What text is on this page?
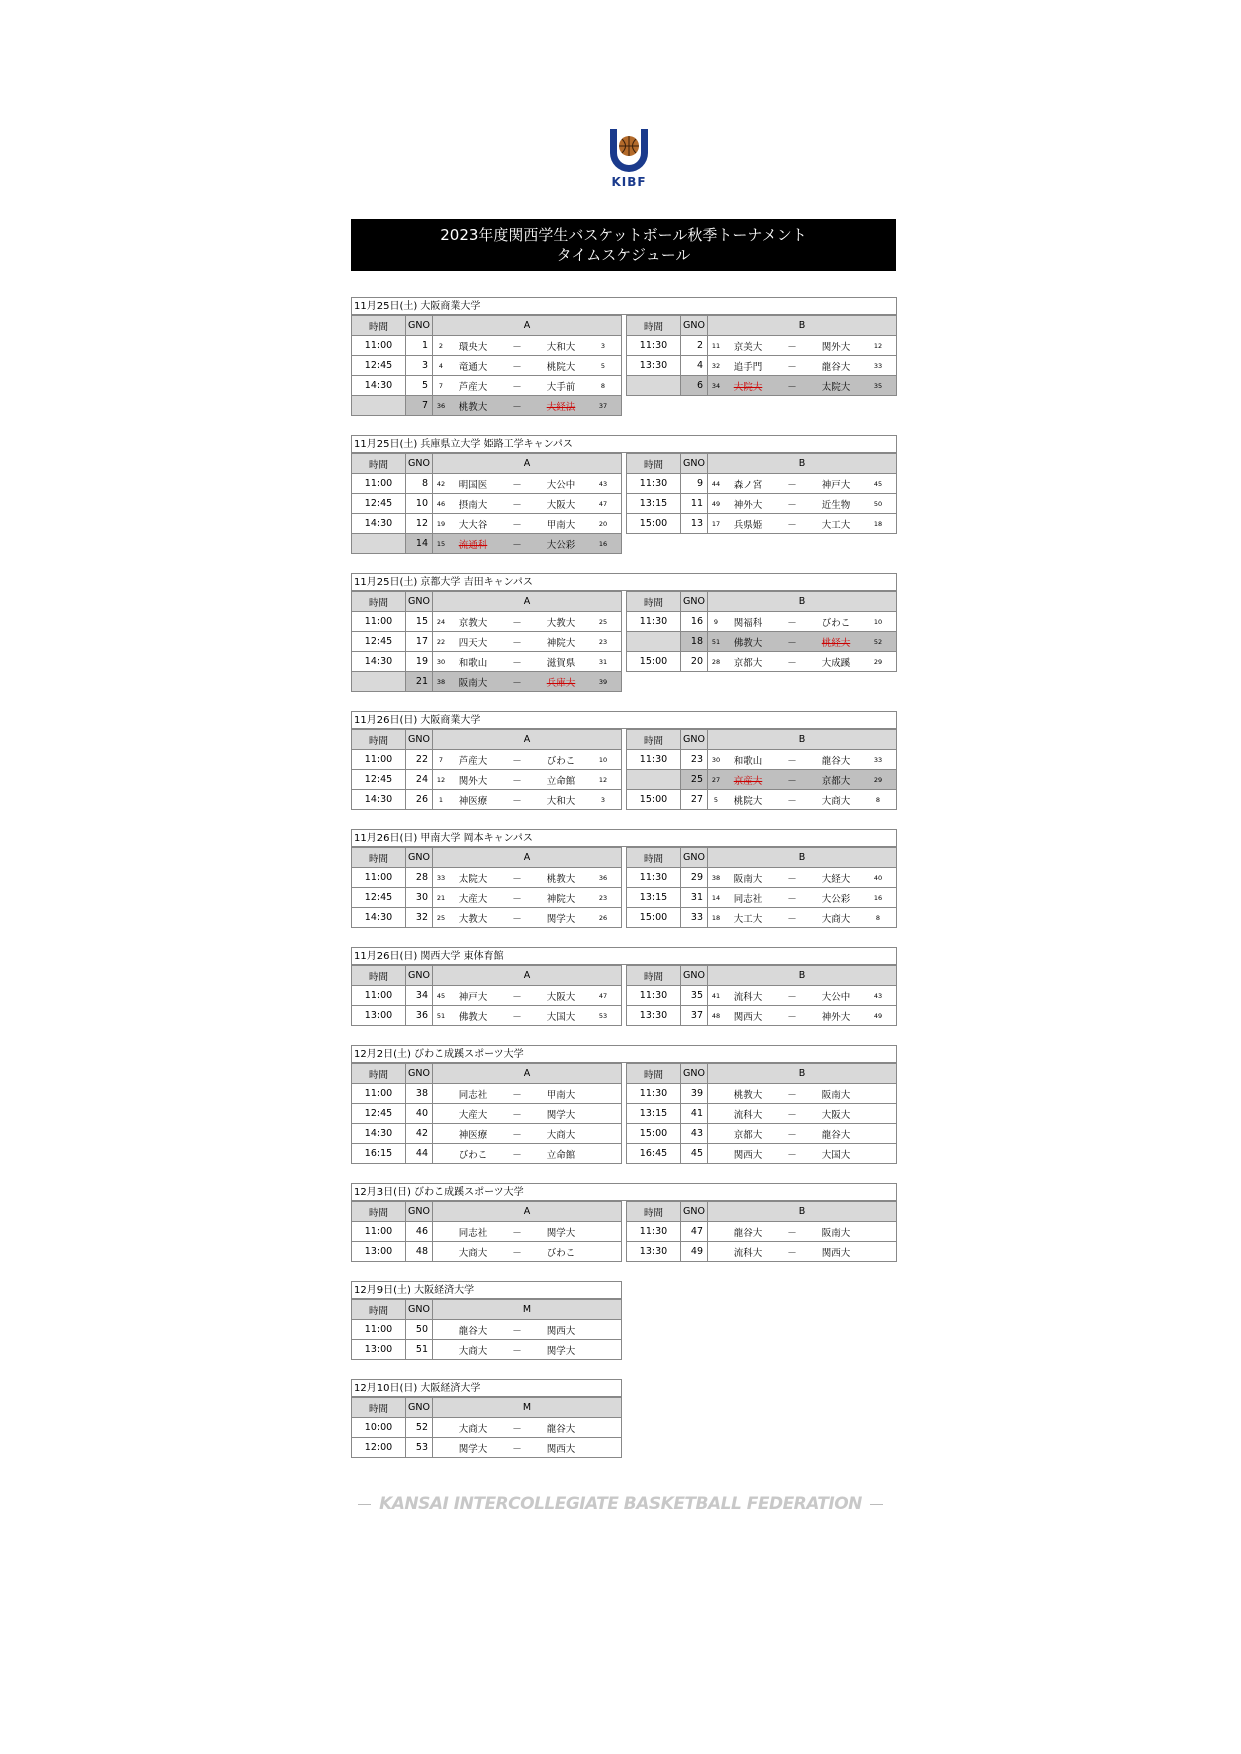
KIBF
2023年度関西学生バスケットボール秋季トーナメント
タイムスケジュール
11月25日(土) 大阪商業大学
時間	GNO	A
11:00	1	2 環央大 － 大和大 3

12:45	3	4 竜通大 － 桃院大 5

14:30	5	7 芦産大 － 大手前 8

	7	36 桃教大 － 大経法 37
時間	GNO	B
11:30	2	11 京美大 － 関外大 12

13:30	4	32 追手門 － 龍谷大 33

	6	34 大院大 － 太院大 35
11月25日(土) 兵庫県立大学 姫路工学キャンパス
時間	GNO	A
11:00	8	42 明国医 － 大公中 43

12:45	10	46 摂南大 － 大阪大 47

14:30	12	19 大大谷 － 甲南大 20

	14	15 流通科 － 大公彩 16
時間	GNO	B
11:30	9	44 森ノ宮 － 神戸大 45

13:15	11	49 神外大 － 近生物 50

15:00	13	17 兵県姫 － 大工大 18
11月25日(土) 京都大学 吉田キャンパス
時間	GNO	A
11:00	15	24 京教大 － 大教大 25

12:45	17	22 四天大 － 神院大 23

14:30	19	30 和歌山 － 滋賀県 31

	21	38 阪南大 － 兵庫大 39
時間	GNO	B
11:30	16	9 関福科 － びわこ 10

	18	51 佛教大 － 桃経大 52

15:00	20	28 京都大 － 大成蹊 29
11月26日(日) 大阪商業大学
時間	GNO	A
11:00	22	7 芦産大 － びわこ 10

12:45	24	12 関外大 － 立命館 12

14:30	26	1 神医療 － 大和大 3
時間	GNO	B
11:30	23	30 和歌山 － 龍谷大 33

	25	27 京産大 － 京都大 29

15:00	27	5 桃院大 － 大商大 8
11月26日(日) 甲南大学 岡本キャンパス
時間	GNO	A
11:00	28	33 太院大 － 桃教大 36

12:45	30	21 大産大 － 神院大 23

14:30	32	25 大教大 － 関学大 26
時間	GNO	B
11:30	29	38 阪南大 － 大経大 40

13:15	31	14 同志社 － 大公彩 16

15:00	33	18 大工大 － 大商大 8
11月26日(日) 関西大学 東体育館
時間	GNO	A
11:00	34	45 神戸大 － 大阪大 47

13:00	36	51 佛教大 － 大国大 53
時間	GNO	B
11:30	35	41 流科大 － 大公中 43

13:30	37	48 関西大 － 神外大 49
12月2日(土) びわこ成蹊スポーツ大学
時間	GNO	A
11:00	38	同志社 － 甲南大

12:45	40	大産大 － 関学大

14:30	42	神医療 － 大商大

16:15	44	びわこ － 立命館
時間	GNO	B
11:30	39	桃教大 － 阪南大

13:15	41	流科大 － 大阪大

15:00	43	京都大 － 龍谷大

16:45	45	関西大 － 大国大
12月3日(日) びわこ成蹊スポーツ大学
時間	GNO	A
11:00	46	同志社 － 関学大

13:00	48	大商大 － びわこ
時間	GNO	B
11:30	47	龍谷大 － 阪南大

13:30	49	流科大 － 関西大
12月9日(土) 大阪経済大学
時間	GNO	M
11:00	50	龍谷大 － 関西大

13:00	51	大商大 － 関学大
12月10日(日) 大阪経済大学
時間	GNO	M
10:00	52	大商大 － 龍谷大

12:00	53	関学大 － 関西大
KANSAI INTERCOLLEGIATE BASKETBALL FEDERATION
